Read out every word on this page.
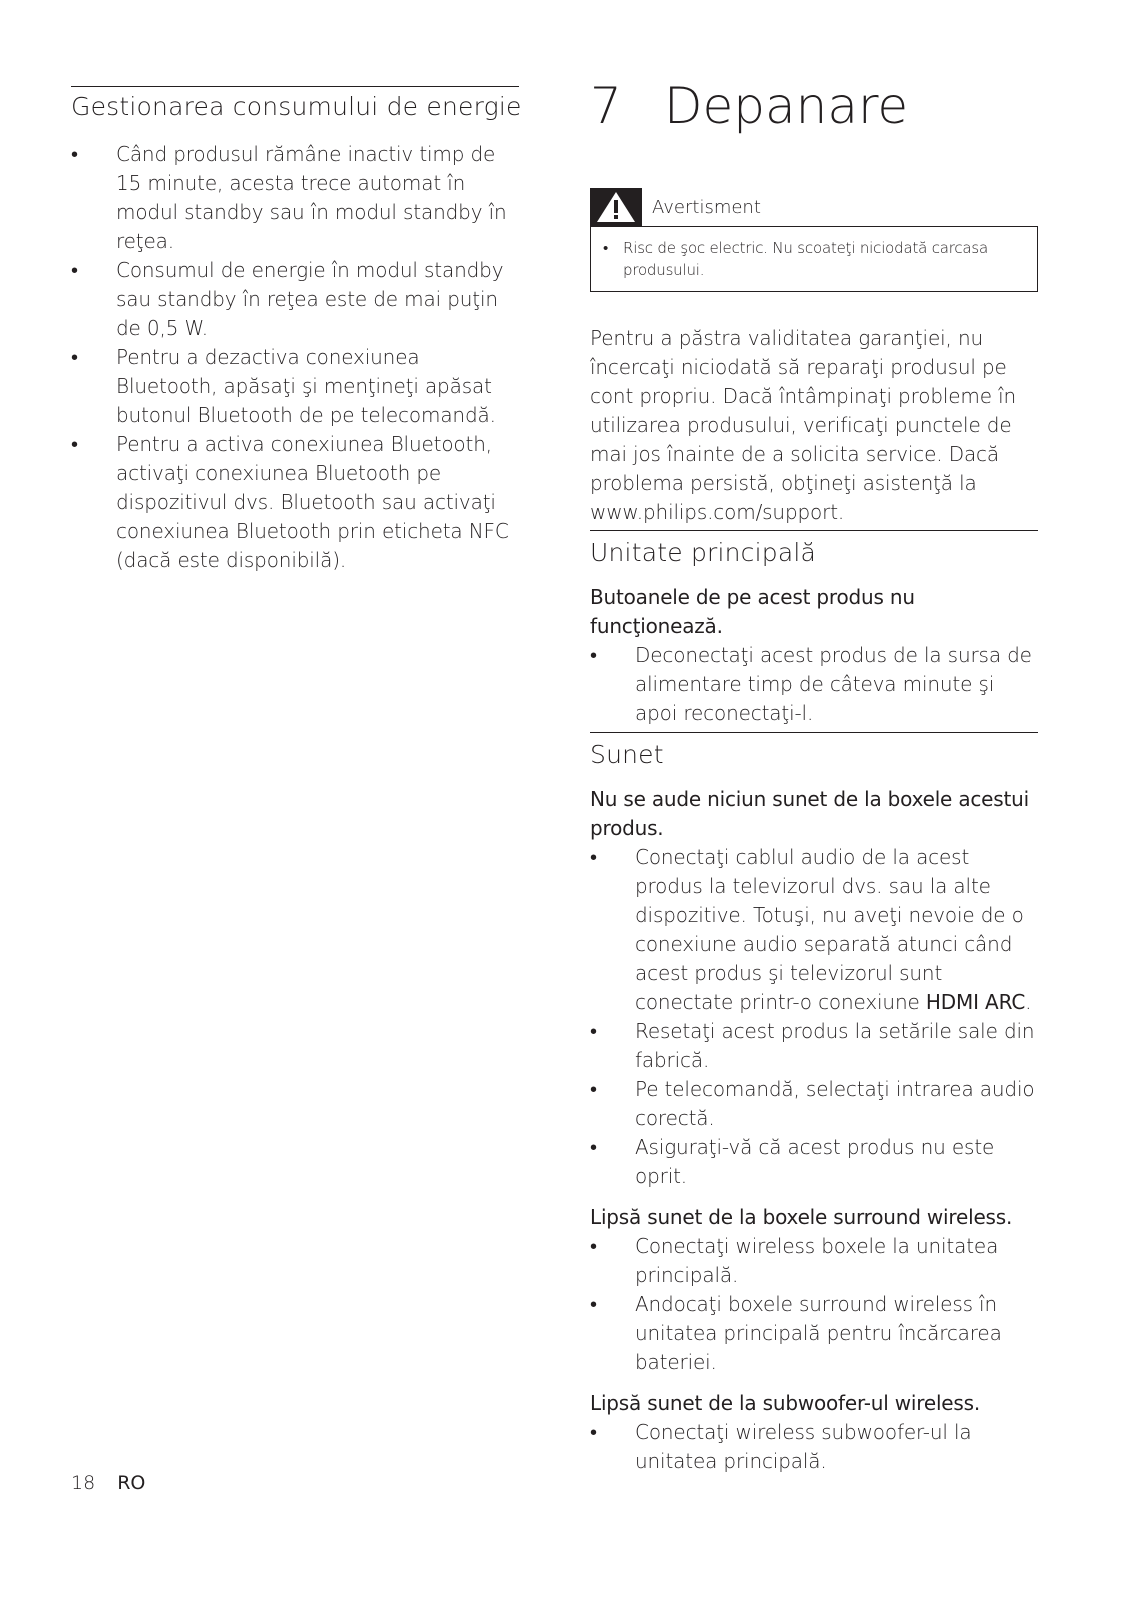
Gestionarea consumului de energie
• Când produsul rămâne inactiv timp de 15 minute, acesta trece automat în modul standby sau în modul standby în reţea.
• Consumul de energie în modul standby sau standby în reţea este de mai puţin de 0,5 W.
• Pentru a dezactiva conexiunea Bluetooth, apăsaţi şi menţineţi apăsat butonul Bluetooth de pe telecomandă.
• Pentru a activa conexiunea Bluetooth, activaţi conexiunea Bluetooth pe dispozitivul dvs. Bluetooth sau activaţi conexiunea Bluetooth prin eticheta NFC (dacă este disponibilă).
7 Depanare
Avertisment
• Risc de şoc electric. Nu scoateţi niciodată carcasa produsului.

Pentru a păstra validitatea garanţiei, nu încercaţi niciodată să reparaţi produsul pe cont propriu. Dacă întâmpinaţi probleme în utilizarea produsului, verificaţi punctele de mai jos înainte de a solicita service. Dacă problema persistă, obţineţi asistenţă la www.philips.com/support.

Unitate principală
Butoanele de pe acest produs nu funcţionează.
• Deconectaţi acest produs de la sursa de alimentare timp de câteva minute şi apoi reconectaţi-l.
Sunet
Nu se aude niciun sunet de la boxele acestui produs.
• Conectaţi cablul audio de la acest produs la televizorul dvs. sau la alte dispozitive. Totuşi, nu aveţi nevoie de o conexiune audio separată atunci când acest produs şi televizorul sunt conectate printr-o conexiune HDMI ARC.
• Resetaţi acest produs la setările sale din fabrică.
• Pe telecomandă, selectaţi intrarea audio corectă.
• Asiguraţi-vă că acest produs nu este oprit.
Lipsă sunet de la boxele surround wireless.
• Conectaţi wireless boxele la unitatea principală.
• Andocaţi boxele surround wireless în unitatea principală pentru încărcarea bateriei.
Lipsă sunet de la subwoofer-ul wireless.
• Conectaţi wireless subwoofer-ul la unitatea principală.
18 RO
